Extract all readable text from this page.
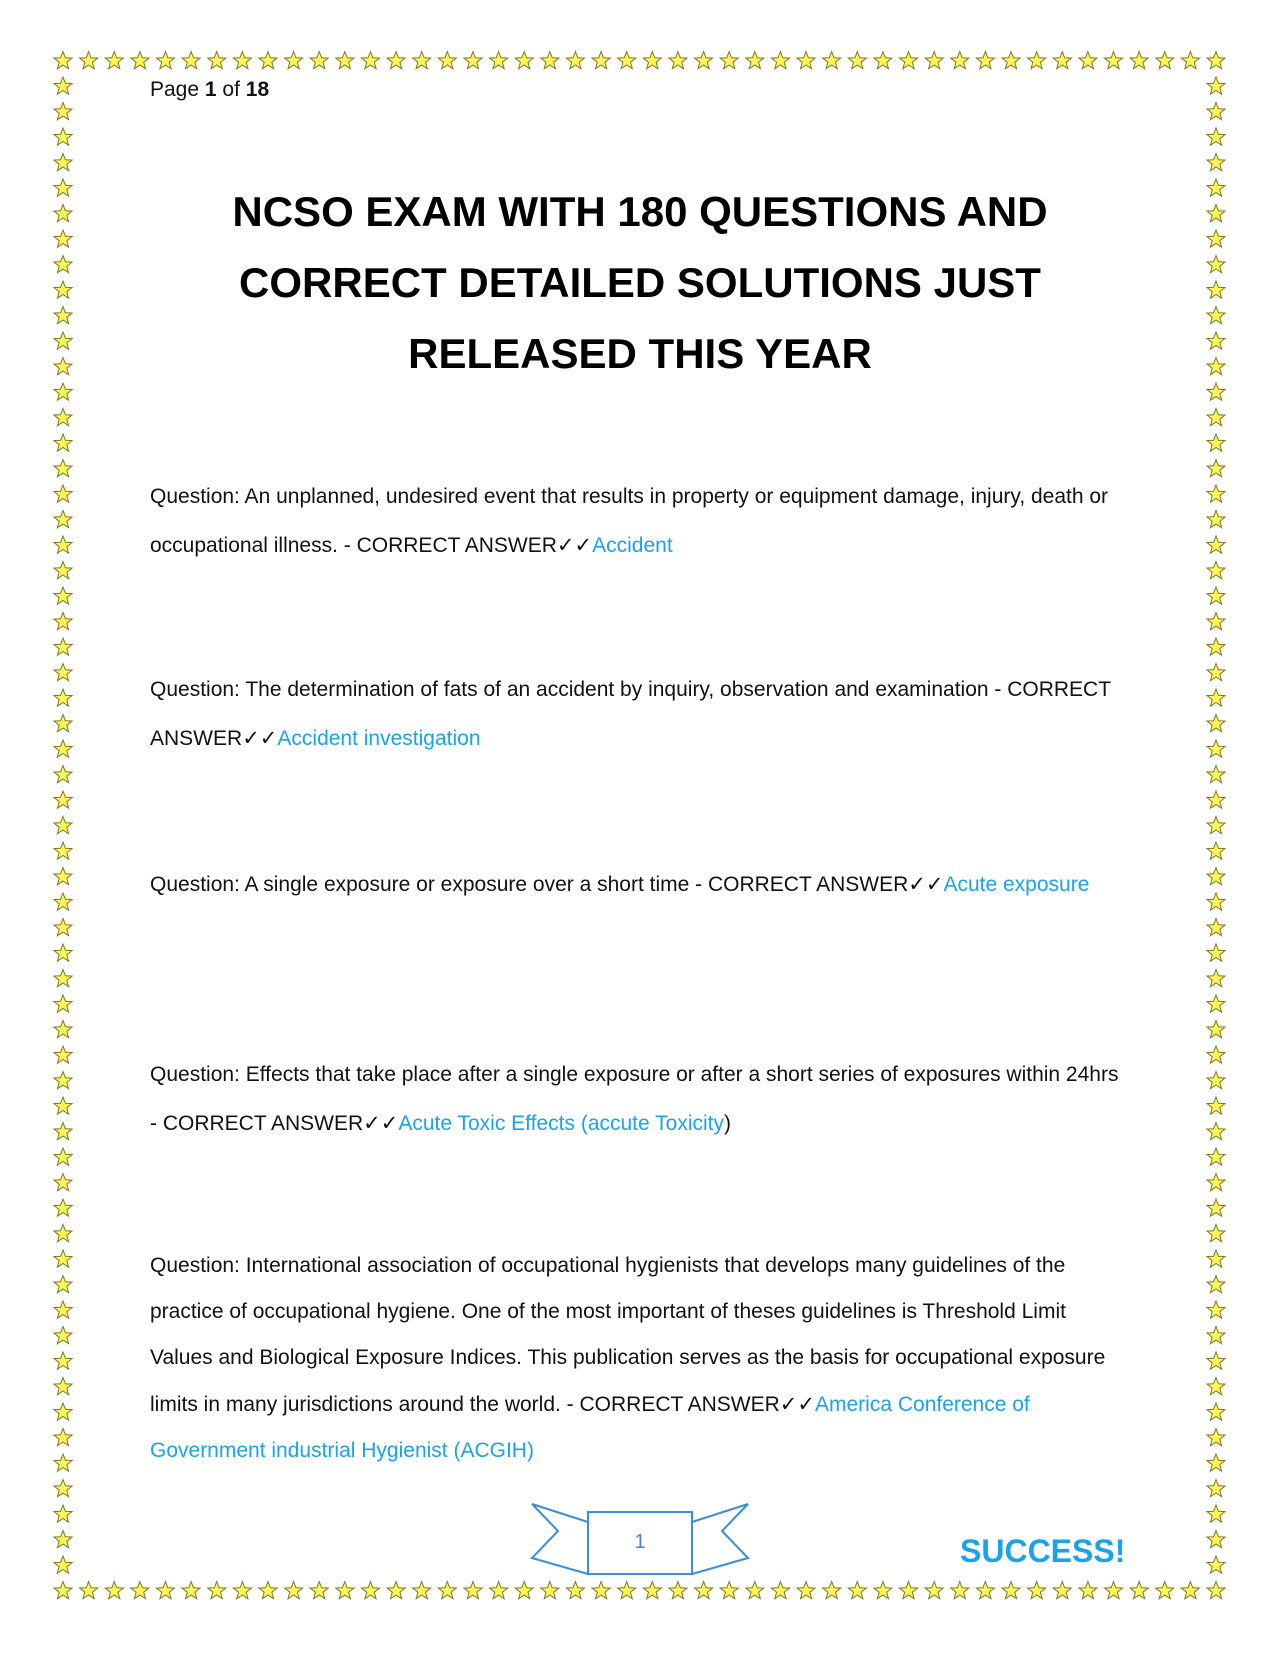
Page 1 of 18
NCSO EXAM WITH 180 QUESTIONS AND
CORRECT DETAILED SOLUTIONS JUST
RELEASED THIS YEAR

Question: An unplanned, undesired event that results in property or equipment damage, injury, death or occupational illness. - CORRECT ANSWER✓✓Accident

Question: The determination of fats of an accident by inquiry, observation and examination - CORRECT ANSWER✓✓Accident investigation

Question: A single exposure or exposure over a short time - CORRECT ANSWER✓✓Acute exposure

Question: Effects that take place after a single exposure or after a short series of exposures within 24hrs - CORRECT ANSWER✓✓Acute Toxic Effects (accute Toxicity)

Question: International association of occupational hygienists that develops many guidelines of the practice of occupational hygiene. One of the most important of theses guidelines is Threshold Limit Values and Biological Exposure Indices. This publication serves as the basis for occupational exposure limits in many jurisdictions around the world. - CORRECT ANSWER✓✓America Conference of Government industrial Hygienist (ACGIH)

1	SUCCESS!
